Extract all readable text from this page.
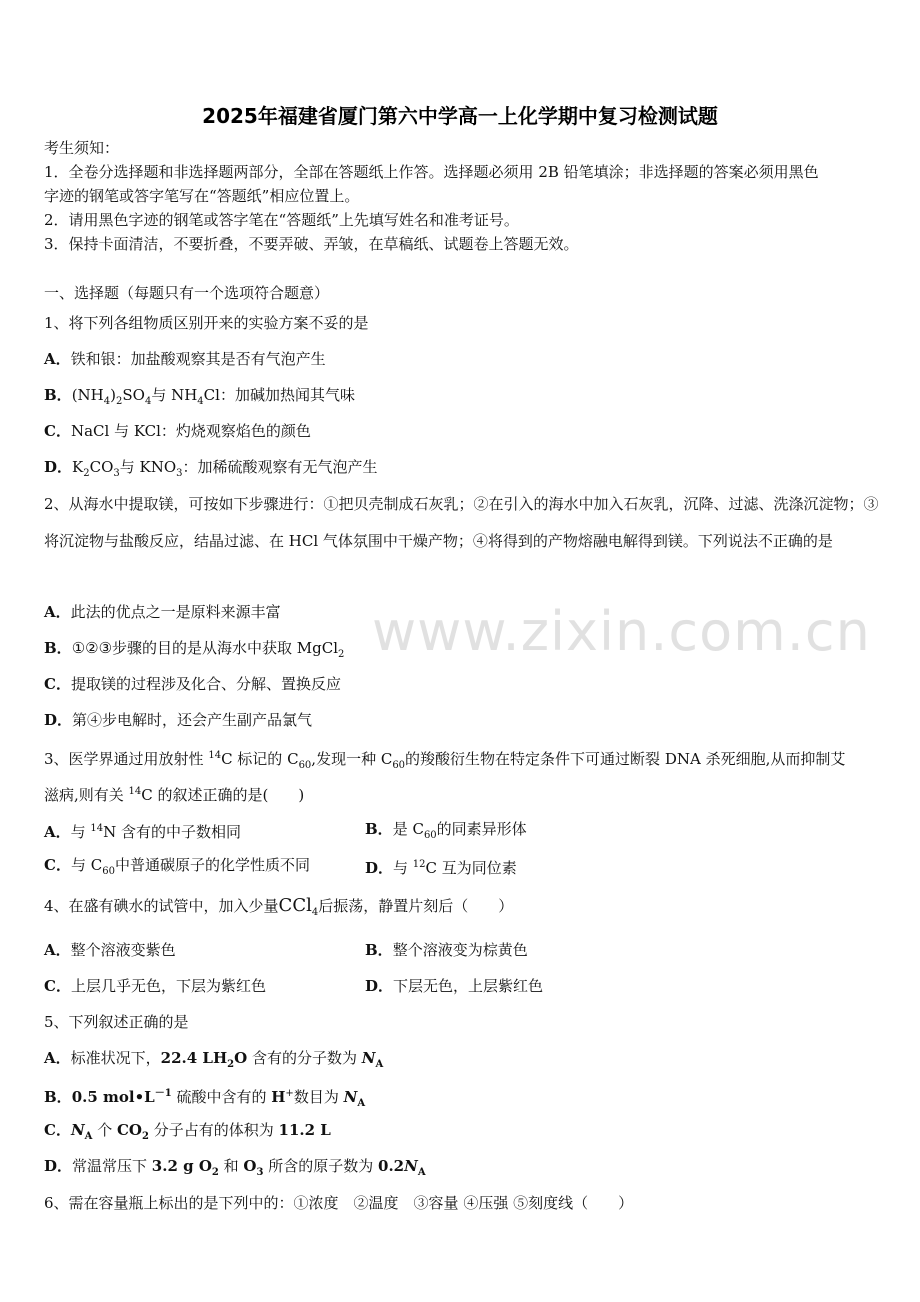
2025年福建省厦门第六中学高一上化学期中复习检测试题
考生须知：
1．全卷分选择题和非选择题两部分，全部在答题纸上作答。选择题必须用 2B 铅笔填涂；非选择题的答案必须用黑色
字迹的钢笔或答字笔写在“答题纸”相应位置上。
2．请用黑色字迹的钢笔或答字笔在“答题纸”上先填写姓名和准考证号。
3．保持卡面清洁，不要折叠，不要弄破、弄皱，在草稿纸、试题卷上答题无效。
一、选择题（每题只有一个选项符合题意）
1、将下列各组物质区别开来的实验方案不妥的是
A．铁和银：加盐酸观察其是否有气泡产生
B．$(NH_4)_2SO_4$与 $NH_4Cl$：加碱加热闻其气味
C．NaCl 与 KCl：灼烧观察焰色的颜色
D．$K_2CO_3$与 $KNO_3$：加稀硫酸观察有无气泡产生
2、从海水中提取镁，可按如下步骤进行：①把贝壳制成石灰乳；②在引入的海水中加入石灰乳，沉降、过滤、洗涤沉淀物；③将沉淀物与盐酸反应，结晶过滤、在 HCl 气体氛围中干燥产物；④将得到的产物熔融电解得到镁。下列说法不正确的是
A．此法的优点之一是原料来源丰富
B．①②③步骤的目的是从海水中获取 MgCl$_2$
C．提取镁的过程涉及化合、分解、置换反应
D．第④步电解时，还会产生副产品氯气
3、医学界通过用放射性 $^{14}$C 标记的 $C_{60}$,发现一种 $C_{60}$的羧酸衍生物在特定条件下可通过断裂 DNA 杀死细胞,从而抑制艾
滋病,则有关 $^{14}$C 的叙述正确的是(　　)
A．与 $^{14}$N 含有的中子数相同	B．是 $C_{60}$的同素异形体
C．与 $C_{60}$中普通碳原子的化学性质不同	D．与 $^{12}$C 互为同位素
4、在盛有碘水的试管中，加入少量CCl$_4$后振荡，静置片刻后（　　）
A．整个溶液变紫色	B．整个溶液变为棕黄色
C．上层几乎无色，下层为紫红色	D．下层无色，上层紫红色
5、下列叙述正确的是
A．标准状况下，22.4 $LH_2O$ 含有的分子数为 $N_A$
B．0.5 $mol•L^{-1}$ 硫酸中含有的 H+数目为 $N_A$
C．$N_A$ 个 $CO_2$ 分子占有的体积为 11.2 L
D．常温常压下 3.2 g $O_2$ 和 $O_3$ 所含的原子数为 $0.2N_A$
6、需在容量瓶上标出的是下列中的：①浓度　②温度　③容量 ④压强 ⑤刻度线（　　）
www.zixin.com.cn
